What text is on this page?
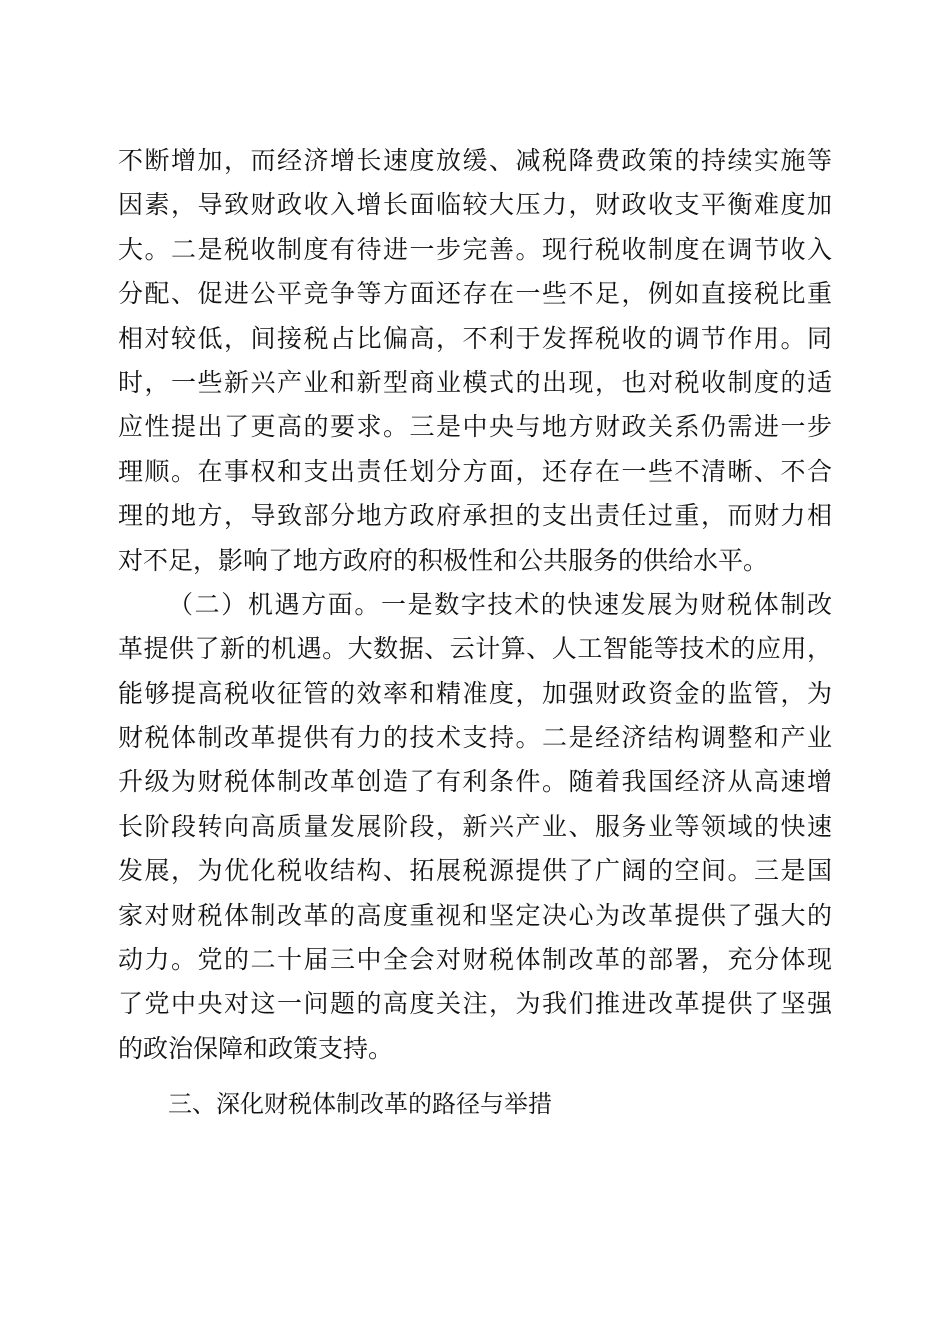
不断增加，而经济增长速度放缓、减税降费政策的持续实施等
因素，导致财政收入增长面临较大压力，财政收支平衡难度加
大。二是税收制度有待进一步完善。现行税收制度在调节收入
分配、促进公平竞争等方面还存在一些不足，例如直接税比重
相对较低，间接税占比偏高，不利于发挥税收的调节作用。同
时，一些新兴产业和新型商业模式的出现，也对税收制度的适
应性提出了更高的要求。三是中央与地方财政关系仍需进一步
理顺。在事权和支出责任划分方面，还存在一些不清晰、不合
理的地方，导致部分地方政府承担的支出责任过重，而财力相
对不足，影响了地方政府的积极性和公共服务的供给水平。
（二）机遇方面。一是数字技术的快速发展为财税体制改
革提供了新的机遇。大数据、云计算、人工智能等技术的应用，
能够提高税收征管的效率和精准度，加强财政资金的监管，为
财税体制改革提供有力的技术支持。二是经济结构调整和产业
升级为财税体制改革创造了有利条件。随着我国经济从高速增
长阶段转向高质量发展阶段，新兴产业、服务业等领域的快速
发展，为优化税收结构、拓展税源提供了广阔的空间。三是国
家对财税体制改革的高度重视和坚定决心为改革提供了强大的
动力。党的二十届三中全会对财税体制改革的部署，充分体现
了党中央对这一问题的高度关注，为我们推进改革提供了坚强
的政治保障和政策支持。
三、深化财税体制改革的路径与举措
